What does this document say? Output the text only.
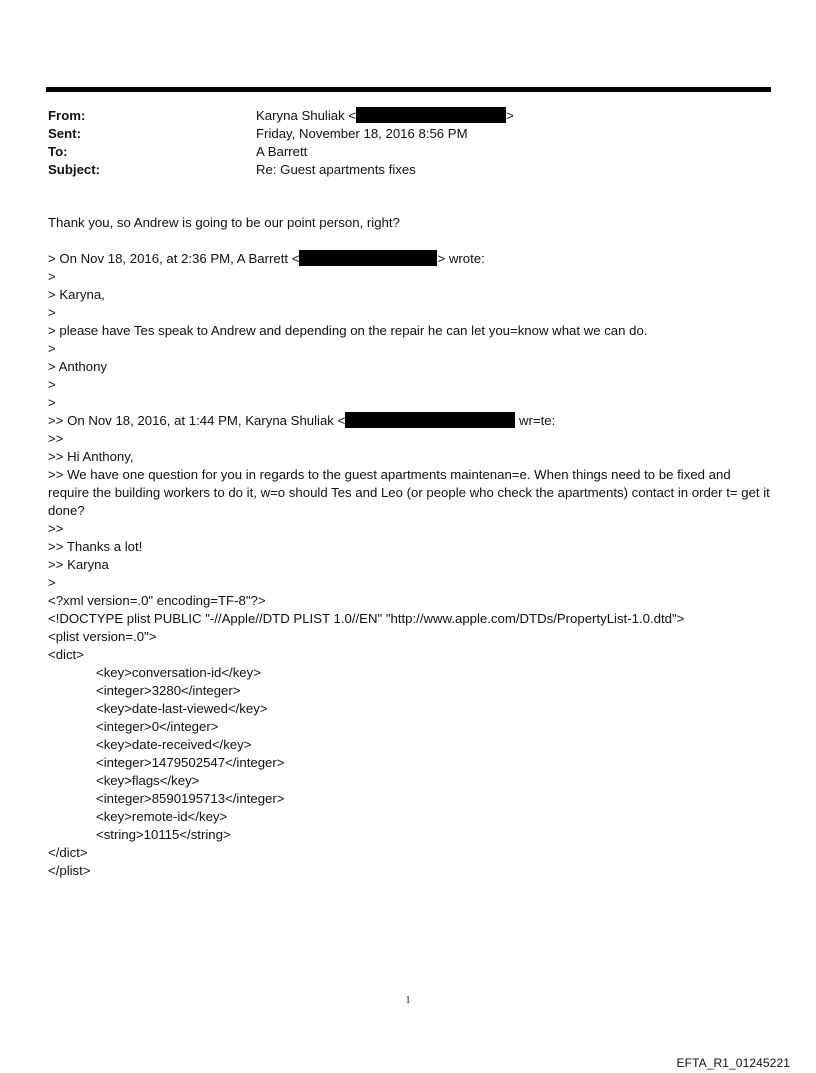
From:	Karyna Shuliak <	>
Sent:	Friday, November 18, 2016 8:56 PM
To:	A Barrett
Subject:	Re: Guest apartments fixes
Thank you, so Andrew is going to be our point person, right?
> On Nov 18, 2016, at 2:36 PM, A Barrett <	> wrote:
>
> Karyna,
>
> please have Tes speak to Andrew and depending on the repair he can let you=know what we can do.
>
> Anthony
>
>
>> On Nov 18, 2016, at 1:44 PM, Karyna Shuliak <	wr=te:
>>
>> Hi Anthony,
>> We have one question for you in regards to the guest apartments maintenan=e. When things need to be fixed and require the building workers to do it, w=o should Tes and Leo (or people who check the apartments) contact in order t= get it done?
>>
>> Thanks a lot!
>> Karyna
>
<?xml version=.0" encoding=TF-8"?>
<!DOCTYPE plist PUBLIC "-//Apple//DTD PLIST 1.0//EN" "http://www.apple.com/DTDs/PropertyList-1.0.dtd">
<plist version=.0">
<dict>
<key>conversation-id</key>
<integer>3280</integer>
<key>date-last-viewed</key>
<integer>0</integer>
<key>date-received</key>
<integer>1479502547</integer>
<key>flags</key>
<integer>8590195713</integer>
<key>remote-id</key>
<string>10115</string>
</dict>
</plist>
1
EFTA_R1_01245221
